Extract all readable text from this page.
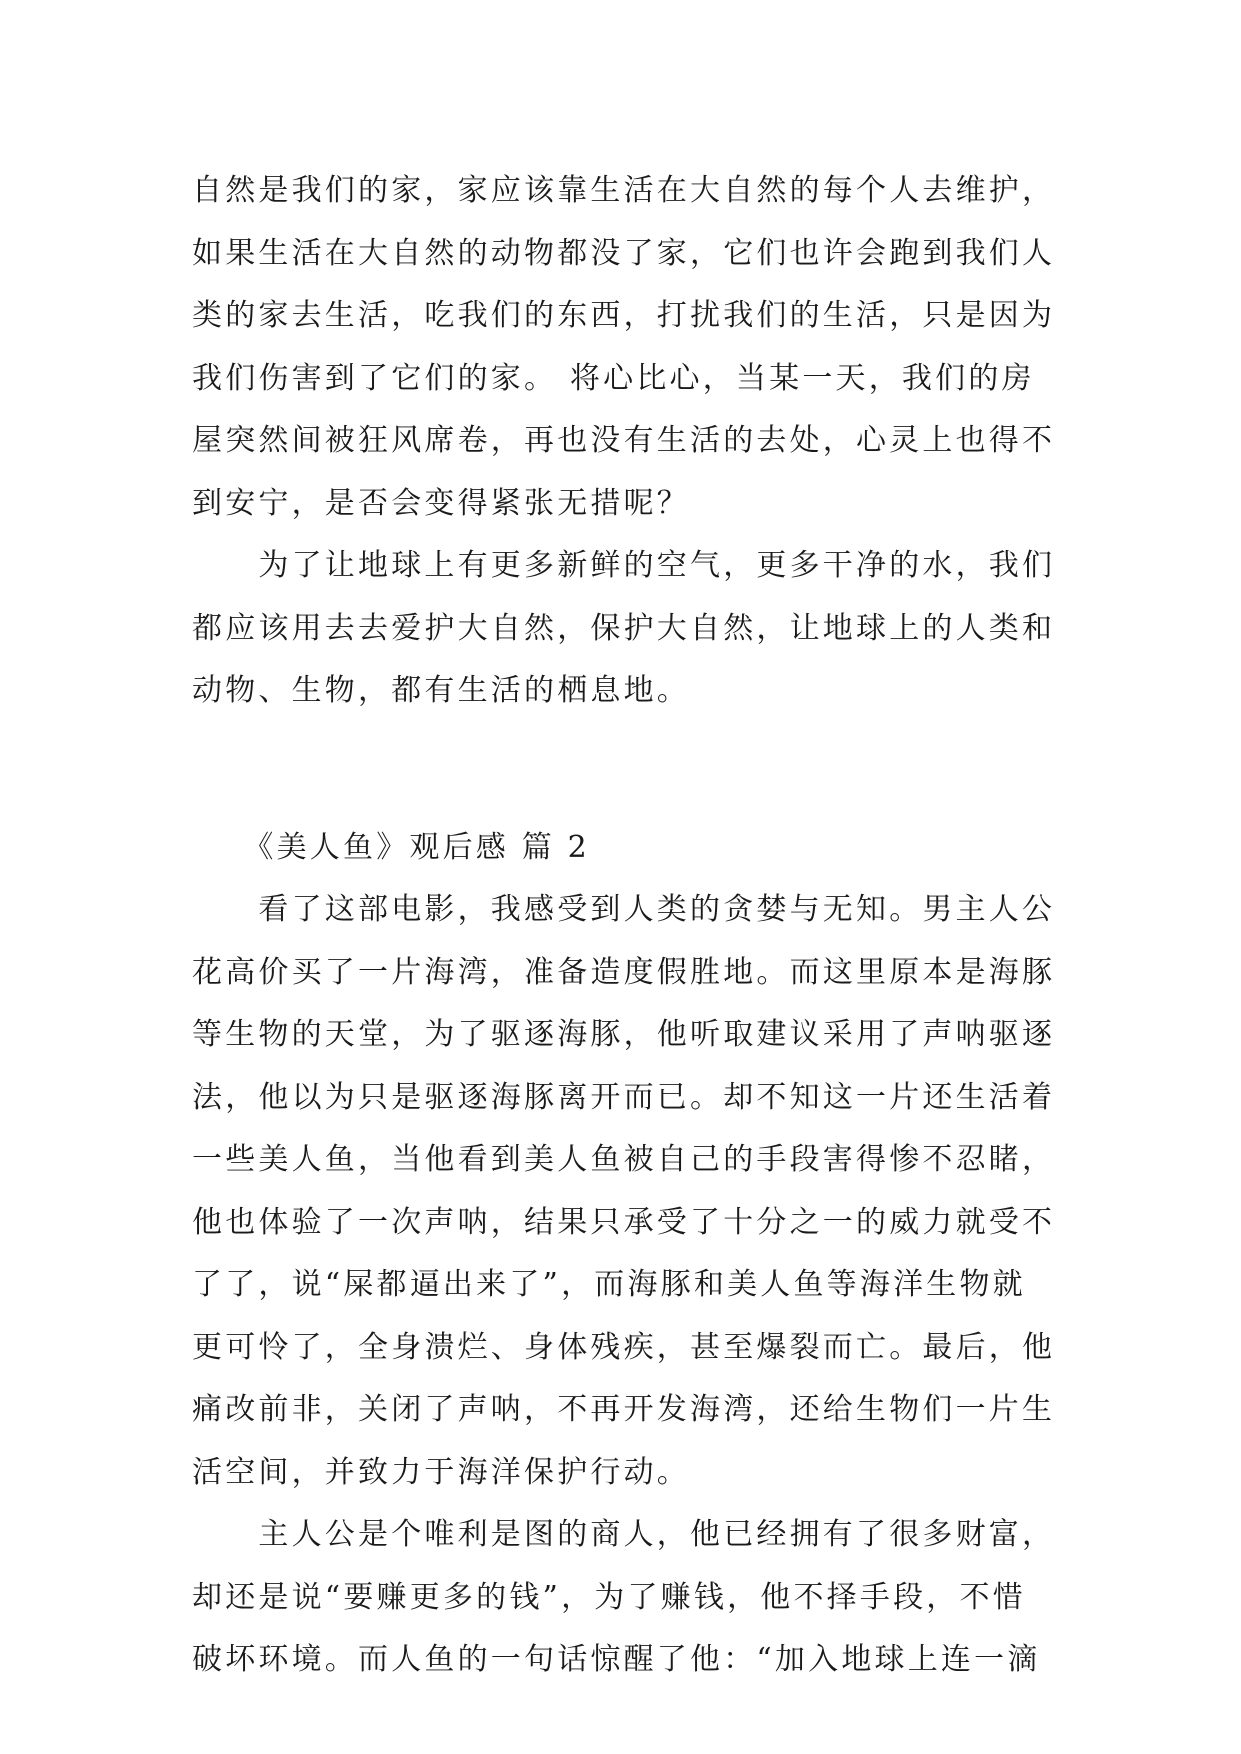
自然是我们的家，家应该靠生活在大自然的每个人去维护，
如果生活在大自然的动物都没了家，它们也许会跑到我们人
类的家去生活，吃我们的东西，打扰我们的生活，只是因为
我们伤害到了它们的家。 将心比心，当某一天，我们的房
屋突然间被狂风席卷，再也没有生活的去处，心灵上也得不
到安宁，是否会变得紧张无措呢？
　　为了让地球上有更多新鲜的空气，更多干净的水，我们
都应该用去去爱护大自然，保护大自然，让地球上的人类和
动物、生物，都有生活的栖息地。
　　《美人鱼》观后感 篇 2
　　看了这部电影，我感受到人类的贪婪与无知。男主人公
花高价买了一片海湾，准备造度假胜地。而这里原本是海豚
等生物的天堂，为了驱逐海豚，他听取建议采用了声呐驱逐
法，他以为只是驱逐海豚离开而已。却不知这一片还生活着
一些美人鱼，当他看到美人鱼被自己的手段害得惨不忍睹，
他也体验了一次声呐，结果只承受了十分之一的威力就受不
了了，说“屎都逼出来了”，而海豚和美人鱼等海洋生物就
更可怜了，全身溃烂、身体残疾，甚至爆裂而亡。最后，他
痛改前非，关闭了声呐，不再开发海湾，还给生物们一片生
活空间，并致力于海洋保护行动。
　　主人公是个唯利是图的商人，他已经拥有了很多财富，
却还是说“要赚更多的钱”，为了赚钱，他不择手段，不惜
破坏环境。而人鱼的一句话惊醒了他：“加入地球上连一滴
